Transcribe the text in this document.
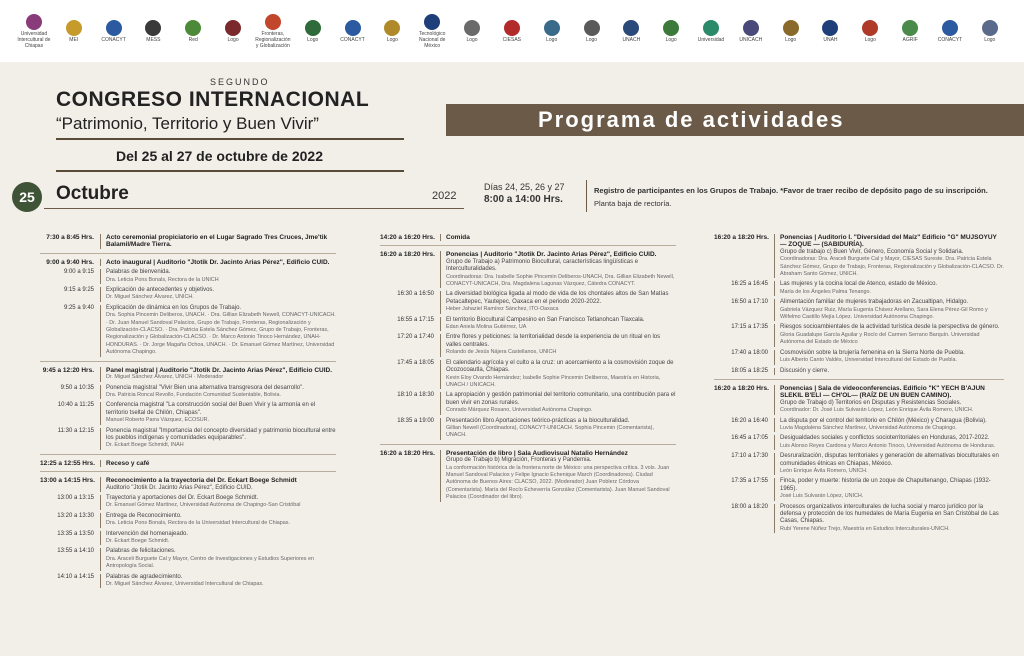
Universidad Intercultural de Chiapas
MEI	CONACYT	MESS	Red	Logo
Fronteras, Regionalización y Globalización
Logo	CONACYT	Logo
Tecnológico Nacional de México
Logo	CIESAS	Logo	Logo	UNACH	Logo	Universidad	UNICACH	Logo	UNAH	Logo	AGRIF	CONACYT	Logo
SEGUNDO
CONGRESO INTERNACIONAL
“Patrimonio, Territorio y Buen Vivir”
Del 25 al 27 de octubre de 2022
Programa de actividades
25	Octubre	2022
Días 24, 25, 26 y 27
8:00 a 14:00 Hrs.
Registro de participantes en los Grupos de Trabajo. *Favor de traer recibo de depósito pago de su inscripción.
Planta baja de rectoría.
7:30 a 8:45 Hrs.	Acto ceremonial propiciatorio en el Lugar Sagrado Tres Cruces, Jme'tik Balamil/Madre Tierra.
9:00 a 9:40 Hrs.	Acto inaugural | Auditorio "Jtotik Dr. Jacinto Arias Pérez", Edificio CUID.
9:00 a 9:15	Palabras de bienvenida.
Dra. Leticia Pons Bonals, Rectora de la UNICH
9:15 a 9:25	Explicación de antecedentes y objetivos.
Dr. Miguel Sánchez Álvarez, UNICH.
9:25 a 9:40	Explicación de dinámica en los Grupos de Trabajo.
Dra. Sophia Pincemin Deliberos, UNACH. · Dra. Gillian Elizabeth Newell, CONACYT-UNICACH. · Dr. Juan Manuel Sandoval Palacios, Grupo de Trabajo, Fronteras, Regionalización y Globalización-CLACSO. · Dra. Patricia Estela Sánchez Gómez, Grupo de Trabajo, Fronteras, Regionalización y Globalización-CLACSO. · Dr. Marco Antonio Tinoco Hernández, UNAH-HONDURAS. · Dr. Jorge Magaña Ochoa, UNACH. · Dr. Emanuel Gómez Martínez, Universidad Autónoma Chapingo.
9:45 a 12:20 Hrs.	Panel magistral | Auditorio "Jtotik Dr. Jacinto Arias Pérez", Edificio CUID.
Dr. Miguel Sánchez Álvarez, UNICH · Moderador
9:50 a 10:35	Ponencia magistral "Vivir Bien una alternativa transgresora del desarrollo".
Dra. Patricia Roncal Revollo, Fundación Comunidad Sustentable, Bolivia.
10:40 a 11:25	Conferencia magistral "La construcción social del Buen Vivir y la armonía en el territorio tseltal de Chilón, Chiapas".
Manuel Roberto Parra Vázquez, ECOSUR.
11:30 a 12:15	Ponencia magistral "Importancia del concepto diversidad y patrimonio biocultural entre los pueblos indígenas y comunidades equiparables".
Dr. Eckart Boege Schmidt, INAH
12:25 a 12:55 Hrs.	Receso y café
13:00 a 14:15 Hrs.	Reconocimiento a la trayectoria del Dr. Eckart Boege Schmidt
Auditorio "Jtotik Dr. Jacinto Arias Pérez", Edificio CUID.
13:00 a 13:15	Trayectoria y aportaciones del Dr. Eckart Boege Schmidt.
Dr. Emanuel Gómez Martínez, Universidad Autónoma de Chapingo-San Cristóbal
13:20 a 13:30	Entrega de Reconocimiento.
Dra. Leticia Pons Bonals, Rectora de la Universidad Intercultural de Chiapas.
13:35 a 13:50	Intervención del homenajeado.
Dr. Eckart Boege Schmidt.
13:55 a 14:10	Palabras de felicitaciones.
Dra. Araceli Burguete Cal y Mayor, Centro de Investigaciones y Estudios Superiores en Antropología Social.
14:10 a 14:15	Palabras de agradecimiento.
Dr. Miguel Sánchez Álvarez, Universidad Intercultural de Chiapas.
14:20 a 16:20 Hrs.	Comida
16:20 a 18:20 Hrs.	Ponencias | Auditorio "Jtotik Dr. Jacinto Arias Pérez", Edificio CUID.
Grupo de Trabajo a) Patrimonio Biocultural, características lingüísticas e Interculturalidades.
Coordinadoras: Dra. Isabelle Sophie Pincemin Deliberos-UNACH, Dra. Gillian Elizabeth Newell, CONACYT-UNICACH, Dra. Magdalena Lagunas Vázquez, Cátedra CONACYT.
16:30 a 16:50	La diversidad biológica ligada al modo de vida de los chontales altos de San Matías Petacaltepec, Yautepec, Oaxaca en el periodo 2020-2022.
Heber Jahaziel Ramírez Sánchez, ITO-Oaxaca
16:55 a 17:15	El territorio Biocultural Campesino en San Francisco Tetlanohcan Tlaxcala.
Edan Aniela Molina Gutiérrez, UA
17:20 a 17:40	Entre flores y peticiones: la territorialidad desde la experiencia de un ritual en los valles centrales.
Rolando de Jesús Nájera Castellanos, UNICH
17:45 a 18:05	El calendario agrícola y el culto a la cruz: un acercamiento a la cosmovisión zoque de Ocozocoautla, Chiapas.
Kevin Eloy Ovando Hernández; Isabelle Sophie Pincemin Deliberos, Maestría en Historia, UNACH / UNICACH.
18:10 a 18:30	La apropiación y gestión patrimonial del territorio comunitario, una contribución para el buen vivir en zonas rurales.
Conrado Márquez Rosano, Universidad Autónoma Chapingo.
18:35 a 19:00	Presentación libro Aportaciones teórico-prácticas a la bioculturalidad.
Gillian Newell (Coordinadora), CONACYT-UNICACH. Sophia Pincemin (Comentarista), UNACH.
16:20 a 18:20 Hrs.	Presentación de libro | Sala Audiovisual Natalio Hernández
Grupo de Trabajo b) Migración, Fronteras y Pandemia.
La conformación histórica de la frontera norte de México: una perspectiva crítica. 3 vols. Juan Manuel Sandoval Palacios y Felipe Ignacio Echenique March (Coordinadores). Ciudad Autónoma de Buenos Aires: CLACSO, 2022. (Moderador) Juan Poblerz Córdova (Comentarista). María del Rocío Echeverría González (Comentarista). Juan Manuel Sandoval Palacios (Coordinador del libro).
16:20 a 18:20 Hrs.	Ponencias | Auditorio I. "Diversidad del Maíz" Edificio "G" MUJSOYUY — ZOQUE — (SABIDURÍA).
Grupo de trabajo c) Buen Vivir, Género, Economía Social y Solidaria.
Coordinadoras: Dra. Araceli Burguete Cal y Mayor, CIESAS Sureste. Dra. Patricia Estela Sánchez Gómez, Grupo de Trabajo, Fronteras, Regionalización y Globalización-CLACSO. Dr. Abraham Santo Gómez, UNICH.
16:25 a 16:45	Las mujeres y la cocina local de Atenco, estado de México.
María de los Ángeles Palma Tenango.
16:50 a 17:10	Alimentación familiar de mujeres trabajadoras en Zacualtipan, Hidalgo.
Gabriela Vázquez Ruiz, María Eugenia Chávez Arellano, Sara Elena Pérez-Gil Romo y Wilfelmo Castillo Mejía López. Universidad Autónoma Chapingo.
17:15 a 17:35	Riesgos socioambientales de la actividad turística desde la perspectiva de género.
Gloria Guadalupe García Aguilar y Rocío del Carmen Serrano Barquín. Universidad Autónoma del Estado de México
17:40 a 18:00	Cosmovisión sobre la brujería femenina en la Sierra Norte de Puebla.
Luis Alberto Canto Valdés, Universidad Intercultural del Estado de Puebla.
18:05 a 18:25	Discusión y cierre.
16:20 a 18:20 Hrs.	Ponencias | Sala de videoconferencias. Edificio "K" YECH B'AJUN SLEKIL B'ELI — CH'OL— (RAÍZ DE UN BUEN CAMINO).
Grupo de Trabajo d) Territorios en Disputas y Resistencias Sociales.
Coordinador: Dr. José Luis Sulvarán López, León Enrique Ávila Romero, UNICH.
16:20 a 16:40	La disputa por el control del territorio en Chilón (México) y Charagua (Bolivia).
Luvia Magdalena Sánchez Martínez, Universidad Autónoma de Chapingo.
16:45 a 17:05	Desigualdades sociales y conflictos socioterritoriales en Honduras, 2017-2022.
Luis Alonso Reyes Cardona y Marco Antonio Tinoco, Universidad Autónoma de Honduras.
17:10 a 17:30	Desruralización, disputas territoriales y generación de alternativas bioculturales en comunidades étnicas en Chiapas, México.
León Enrique Ávila Romero, UNICH.
17:35 a 17:55	Finca, poder y muerte: historia de un zoque de Chapultenango, Chiapas (1932-1965).
José Luis Sulvarán López, UNICH.
18:00 a 18:20	Procesos organizativos interculturales de lucha social y marco jurídico por la defensa y protección de los humedales de María Eugenia en San Cristóbal de Las Casas, Chiapas.
Rubí Yerene Núñez Trejo, Maestría en Estudios Interculturales-UNICH.
